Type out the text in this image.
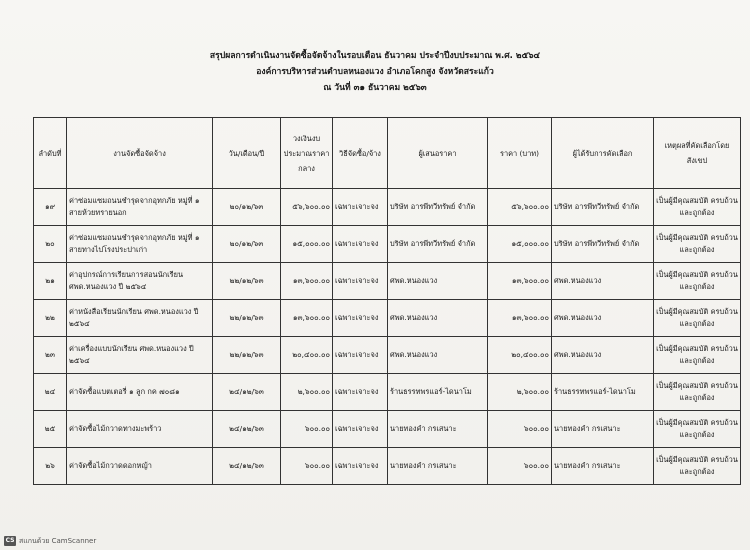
สรุปผลการดำเนินงานจัดซื้อจัดจ้างในรอบเดือน ธันวาคม ประจำปีงบประมาณ พ.ศ. ๒๕๖๔
องค์การบริหารส่วนตำบลหนองแวง อำเภอโคกสูง จังหวัดสระแก้ว
ณ วันที่ ๓๑ ธันวาคม ๒๕๖๓
ลำดับที่	งานจัดซื้อจัดจ้าง	วัน/เดือน/ปี	วงเงินงบประมาณราคากลาง	วิธีจัดซื้อ/จ้าง	ผู้เสนอราคา	ราคา (บาท)	ผู้ได้รับการคัดเลือก	เหตุผลที่คัดเลือกโดยสังเขป
๑๙	ค่าซ่อมแซมถนนชำรุดจากอุทกภัย หมู่ที่ ๑ สายห้วยทรายนอก	๒๐/๑๒/๖๓	๕๖,๖๐๐.๐๐	เฉพาะเจาะจง	บริษัท อารพีทวีทรัพย์ จำกัด	๕๖,๖๐๐.๐๐	บริษัท อารพีทวีทรัพย์ จำกัด	เป็นผู้มีคุณสมบัติ ครบถ้วนและถูกต้อง
๒๐	ค่าซ่อมแซมถนนชำรุดจากอุทกภัย หมู่ที่ ๑ สายทางไปโรงประปาเก่า	๒๐/๑๒/๖๓	๑๕,๐๐๐.๐๐	เฉพาะเจาะจง	บริษัท อารพีทวีทรัพย์ จำกัด	๑๕,๐๐๐.๐๐	บริษัท อารพีทวีทรัพย์ จำกัด	เป็นผู้มีคุณสมบัติ ครบถ้วนและถูกต้อง
๒๑	ค่าอุปกรณ์การเรียนการสอนนักเรียน ศพด.หนองแวง ปี ๒๕๖๔	๒๒/๑๒/๖๓	๑๓,๖๐๐.๐๐	เฉพาะเจาะจง	ศพด.หนองแวง	๑๓,๖๐๐.๐๐	ศพด.หนองแวง	เป็นผู้มีคุณสมบัติ ครบถ้วนและถูกต้อง
๒๒	ค่าหนังสือเรียนนักเรียน ศพด.หนองแวง ปี ๒๕๖๔	๒๒/๑๒/๖๓	๑๓,๖๐๐.๐๐	เฉพาะเจาะจง	ศพด.หนองแวง	๑๓,๖๐๐.๐๐	ศพด.หนองแวง	เป็นผู้มีคุณสมบัติ ครบถ้วนและถูกต้อง
๒๓	ค่าเครื่องแบบนักเรียน ศพด.หนองแวง ปี ๒๕๖๔	๒๒/๑๒/๖๓	๒๐,๔๐๐.๐๐	เฉพาะเจาะจง	ศพด.หนองแวง	๒๐,๔๐๐.๐๐	ศพด.หนองแวง	เป็นผู้มีคุณสมบัติ ครบถ้วนและถูกต้อง
๒๔	ค่าจัดซื้อแบตเตอรี่ ๑ ลูก กค ๗๐๘๑	๒๔/๑๒/๖๓	๒,๖๐๐.๐๐	เฉพาะเจาะจง	ร้านธรรทพรแอร์-ไดนาโม	๒,๖๐๐.๐๐	ร้านธรรทพรแอร์-ไดนาโม	เป็นผู้มีคุณสมบัติ ครบถ้วนและถูกต้อง
๒๕	ค่าจัดซื้อไม้กวาดทางมะพร้าว	๒๔/๑๒/๖๓	๖๐๐.๐๐	เฉพาะเจาะจง	นายทองคำ กรเสนาะ	๖๐๐.๐๐	นายทองคำ กรเสนาะ	เป็นผู้มีคุณสมบัติ ครบถ้วนและถูกต้อง
๒๖	ค่าจัดซื้อไม้กวาดดอกหญ้า	๒๔/๑๒/๖๓	๖๐๐.๐๐	เฉพาะเจาะจง	นายทองคำ กรเสนาะ	๖๐๐.๐๐	นายทองคำ กรเสนาะ	เป็นผู้มีคุณสมบัติ ครบถ้วนและถูกต้อง
CS สแกนด้วย CamScanner
